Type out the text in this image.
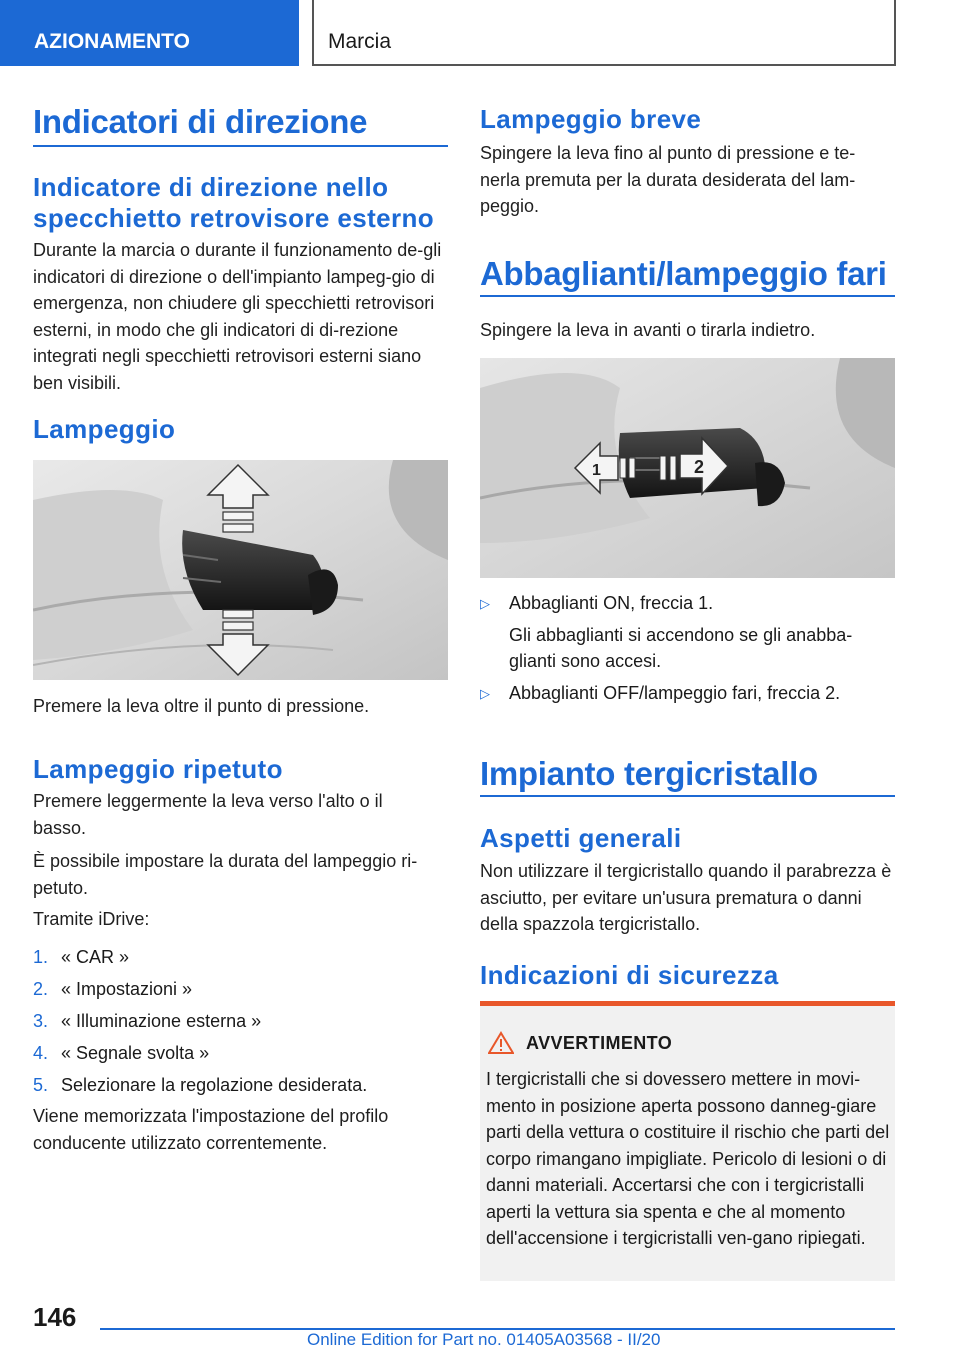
AZIONAMENTO	Marcia
Indicatori di direzione
Indicatore di direzione nello
specchietto retrovisore esterno
Durante la marcia o durante il funzionamento de-gli indicatori di direzione o dell'impianto lampeg-gio di emergenza, non chiudere gli specchietti retrovisori esterni, in modo che gli indicatori di di-rezione integrati negli specchietti retrovisori esterni siano ben visibili.
Lampeggio
Premere la leva oltre il punto di pressione.
Lampeggio ripetuto
Premere leggermente la leva verso l'alto o il basso.
È possibile impostare la durata del lampeggio ri-petuto.
Tramite iDrive:
1. « CAR »
2. « Impostazioni »
3. « Illuminazione esterna »
4. « Segnale svolta »
5. Selezionare la regolazione desiderata.
Viene memorizzata l'impostazione del profilo conducente utilizzato correntemente.
Lampeggio breve
Spingere la leva fino al punto di pressione e te-nerla premuta per la durata desiderata del lam-peggio.
Abbaglianti/lampeggio fari
Spingere la leva in avanti o tirarla indietro.
1	2
▷ Abbaglianti ON, freccia 1.
Gli abbaglianti si accendono se gli anabba-glianti sono accesi.
▷ Abbaglianti OFF/lampeggio fari, freccia 2.
Impianto tergicristallo
Aspetti generali
Non utilizzare il tergicristallo quando il parabrezza è asciutto, per evitare un'usura prematura o danni della spazzola tergicristallo.
Indicazioni di sicurezza
AVVERTIMENTO
I tergicristalli che si dovessero mettere in movi-mento in posizione aperta possono danneg-giare parti della vettura o costituire il rischio che parti del corpo rimangano impigliate. Pericolo di lesioni o di danni materiali. Accertarsi che con i tergicristalli aperti la vettura sia spenta e che al momento dell'accensione i tergicristalli ven-gano ripiegati.
146
Online Edition for Part no. 01405A03568 - II/20
